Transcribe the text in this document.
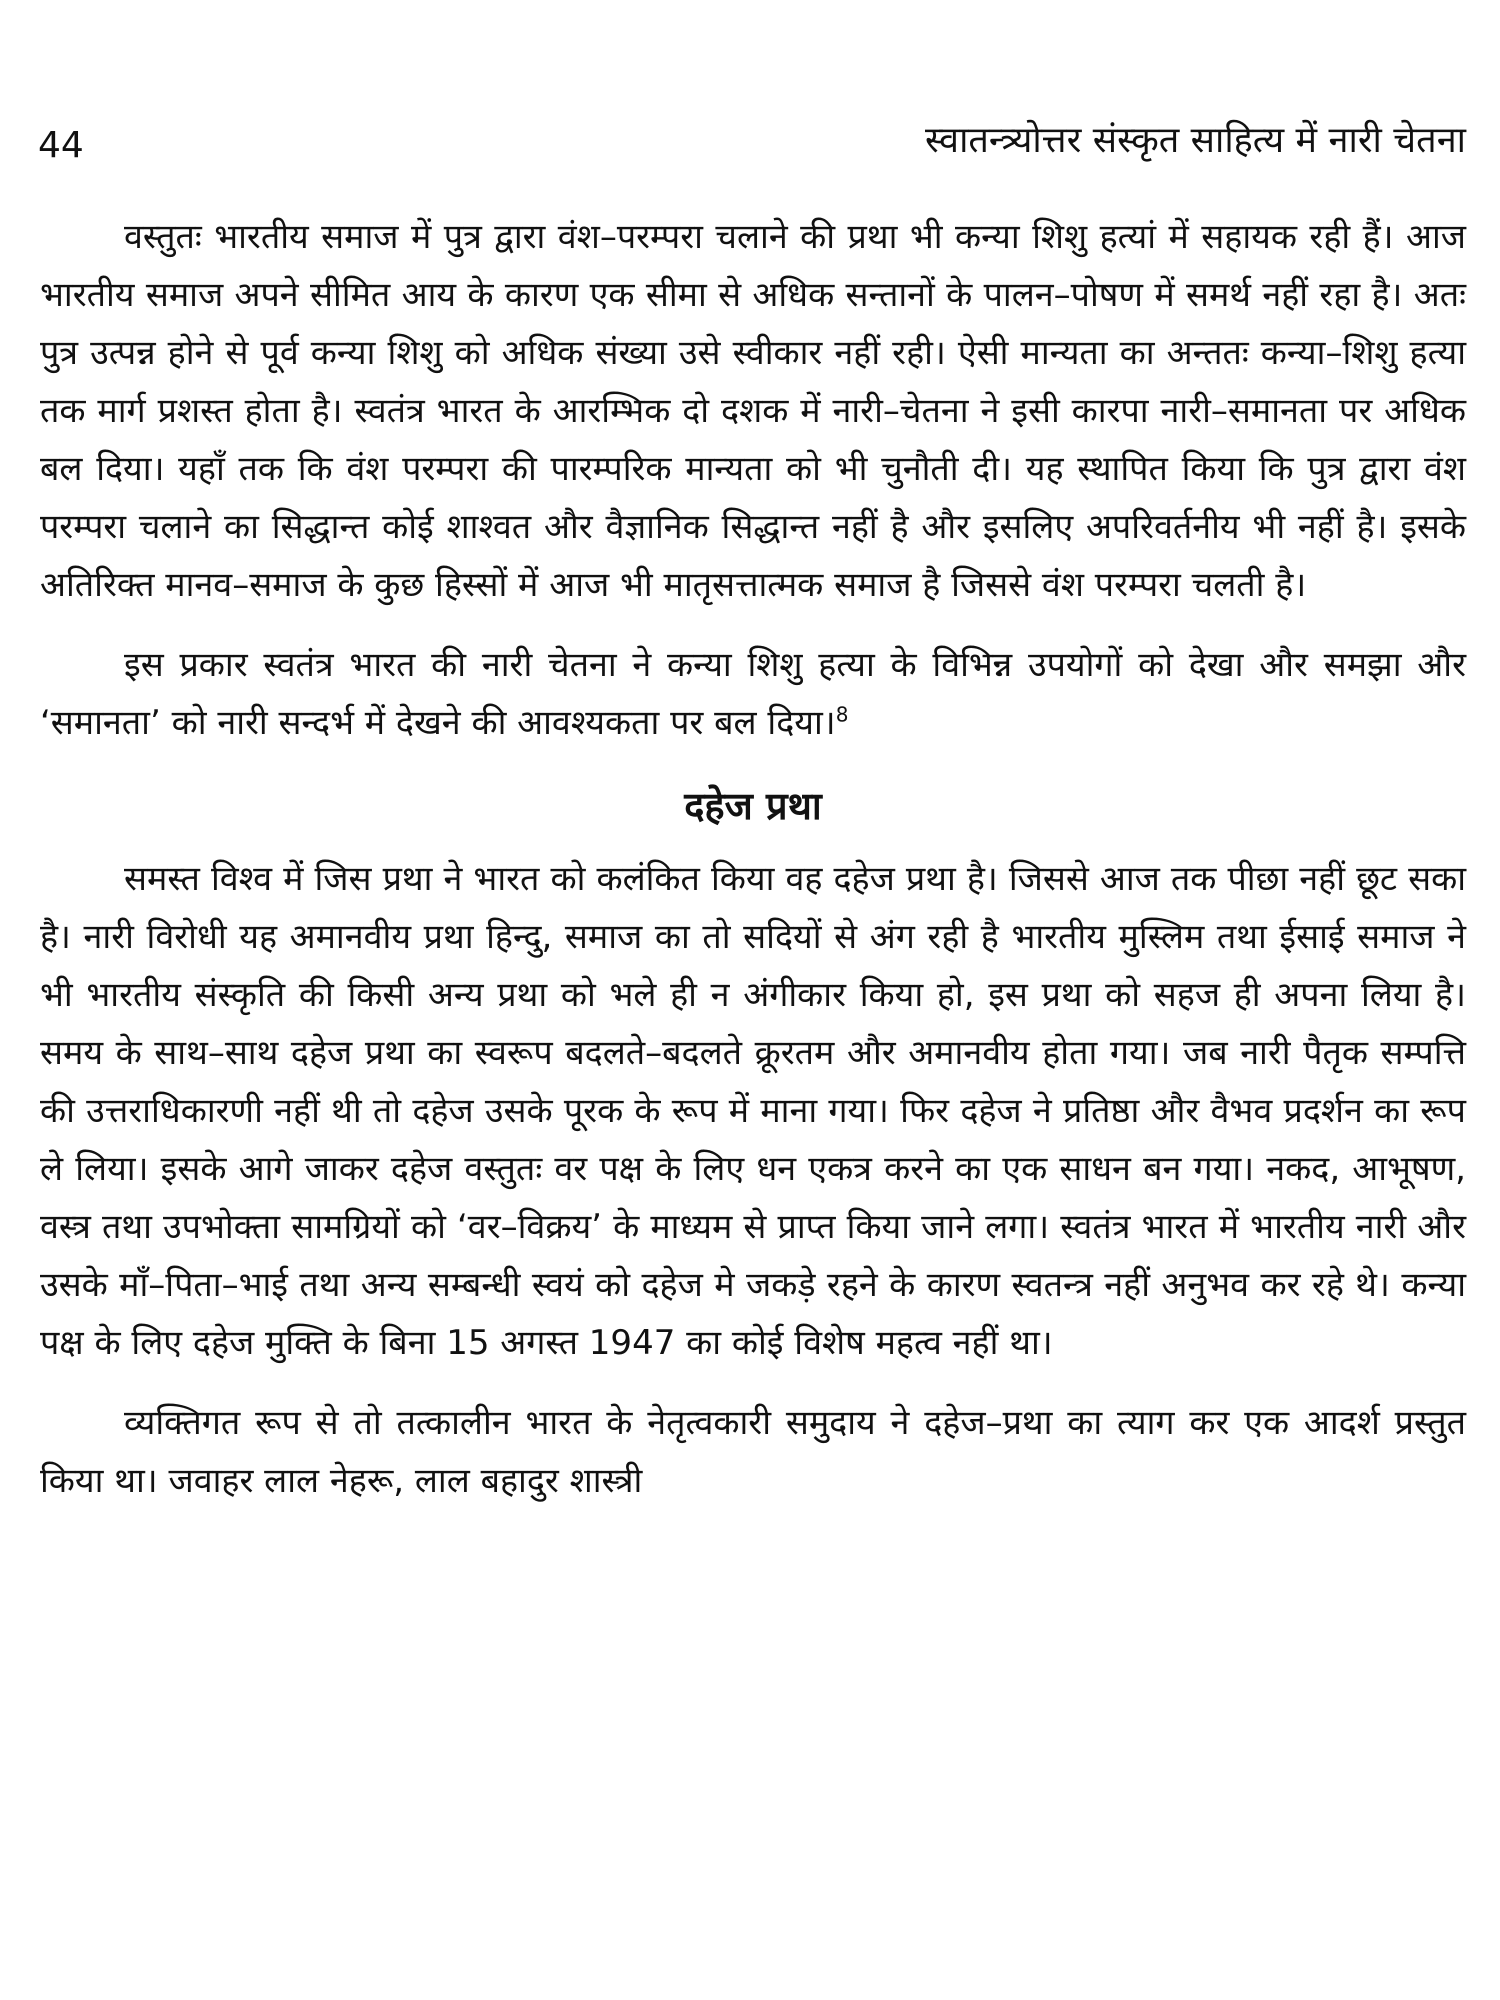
44	स्वातन्त्र्योत्तर संस्कृत साहित्य में नारी चेतना

वस्तुतः भारतीय समाज में पुत्र द्वारा वंश–परम्परा चलाने की प्रथा भी कन्या शिशु हत्यां में सहायक रही हैं। आज भारतीय समाज अपने सीमित आय के कारण एक सीमा से अधिक सन्तानों के पालन–पोषण में समर्थ नहीं रहा है। अतः पुत्र उत्पन्न होने से पूर्व कन्या शिशु को अधिक संख्या उसे स्वीकार नहीं रही। ऐसी मान्यता का अन्ततः कन्या–शिशु हत्या तक मार्ग प्रशस्त होता है। स्वतंत्र भारत के आरम्भिक दो दशक में नारी–चेतना ने इसी कारपा नारी–समानता पर अधिक बल दिया। यहाँ तक कि वंश परम्परा की पारम्परिक मान्यता को भी चुनौती दी। यह स्थापित किया कि पुत्र द्वारा वंश परम्परा चलाने का सिद्धान्त कोई शाश्वत और वैज्ञानिक सिद्धान्त नहीं है और इसलिए अपरिवर्तनीय भी नहीं है। इसके अतिरिक्त मानव–समाज के कुछ हिस्सों में आज भी मातृसत्तात्मक समाज है जिससे वंश परम्परा चलती है।

इस प्रकार स्वतंत्र भारत की नारी चेतना ने कन्या शिशु हत्या के विभिन्न उपयोगों को देखा और समझा और ‘समानता’ को नारी सन्दर्भ में देखने की आवश्यकता पर बल दिया।$^8$

दहेज प्रथा

समस्त विश्व में जिस प्रथा ने भारत को कलंकित किया वह दहेज प्रथा है। जिससे आज तक पीछा नहीं छूट सका है। नारी विरोधी यह अमानवीय प्रथा हिन्दु, समाज का तो सदियों से अंग रही है भारतीय मुस्लिम तथा ईसाई समाज ने भी भारतीय संस्कृति की किसी अन्य प्रथा को भले ही न अंगीकार किया हो, इस प्रथा को सहज ही अपना लिया है। समय के साथ–साथ दहेज प्रथा का स्वरूप बदलते–बदलते क्रूरतम और अमानवीय होता गया। जब नारी पैतृक सम्पत्ति की उत्तराधिकारणी नहीं थी तो दहेज उसके पूरक के रूप में माना गया। फिर दहेज ने प्रतिष्ठा और वैभव प्रदर्शन का रूप ले लिया। इसके आगे जाकर दहेज वस्तुतः वर पक्ष के लिए धन एकत्र करने का एक साधन बन गया। नकद, आभूषण, वस्त्र तथा उपभोक्ता सामग्रियों को ‘वर–विक्रय’ के माध्यम से प्राप्त किया जाने लगा। स्वतंत्र भारत में भारतीय नारी और उसके माँ–पिता–भाई तथा अन्य सम्बन्धी स्वयं को दहेज मे जकड़े रहने के कारण स्वतन्त्र नहीं अनुभव कर रहे थे। कन्या पक्ष के लिए दहेज मुक्ति के बिना 15 अगस्त 1947 का कोई विशेष महत्व नहीं था।

व्यक्तिगत रूप से तो तत्कालीन भारत के नेतृत्वकारी समुदाय ने दहेज–प्रथा का त्याग कर एक आदर्श प्रस्तुत किया था। जवाहर लाल नेहरू, लाल बहादुर शास्त्री
